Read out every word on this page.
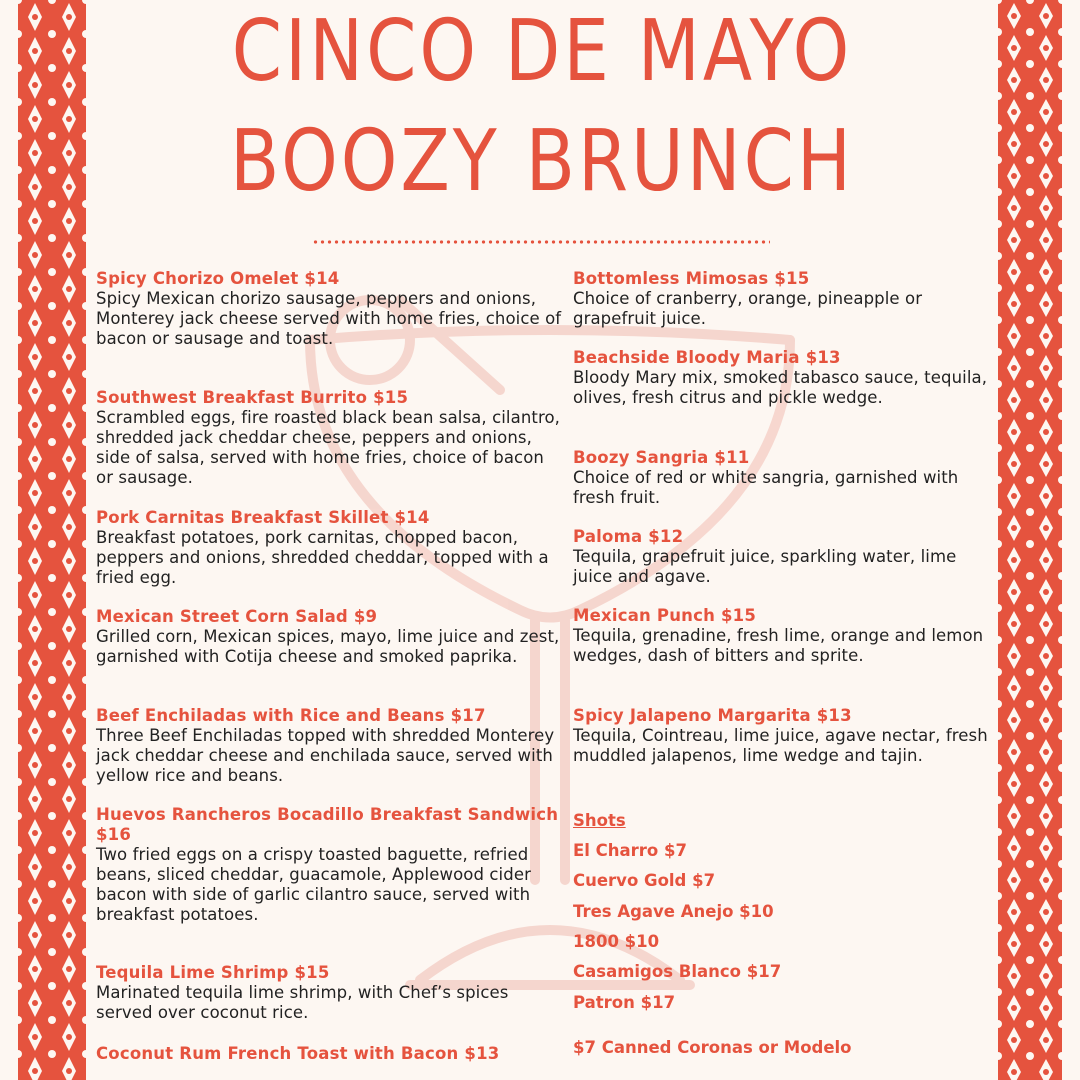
CINCO DE MAYO
BOOZY BRUNCH
Spicy Chorizo Omelet $14
Spicy Mexican chorizo sausage, peppers and onions, Monterey jack cheese served with home fries, choice of bacon or sausage and toast.
Southwest Breakfast Burrito $15
Scrambled eggs, fire roasted black bean salsa, cilantro, shredded jack cheddar cheese, peppers and onions, side of salsa, served with home fries, choice of bacon or sausage.
Pork Carnitas Breakfast Skillet $14
Breakfast potatoes, pork carnitas, chopped bacon, peppers and onions, shredded cheddar, topped with a fried egg.
Mexican Street Corn Salad $9
Grilled corn, Mexican spices, mayo, lime juice and zest, garnished with Cotija cheese and smoked paprika.
Beef Enchiladas with Rice and Beans $17
Three Beef Enchiladas topped with shredded Monterey jack cheddar cheese and enchilada sauce, served with yellow rice and beans.
Huevos Rancheros Bocadillo Breakfast Sandwich $16
Two fried eggs on a crispy toasted baguette, refried beans, sliced cheddar, guacamole, Applewood cider bacon with side of garlic cilantro sauce, served with breakfast potatoes.
Tequila Lime Shrimp $15
Marinated tequila lime shrimp, with Chef’s spices served over coconut rice.
Coconut Rum French Toast with Bacon $13
Bottomless Mimosas $15
Choice of cranberry, orange, pineapple or grapefruit juice.
Beachside Bloody Maria $13
Bloody Mary mix, smoked tabasco sauce, tequila, olives, fresh citrus and pickle wedge.
Boozy Sangria $11
Choice of red or white sangria, garnished with fresh fruit.
Paloma $12
Tequila, grapefruit juice, sparkling water, lime juice and agave.
Mexican Punch $15
Tequila, grenadine, fresh lime, orange and lemon wedges, dash of bitters and sprite.
Spicy Jalapeno Margarita $13
Tequila, Cointreau, lime juice, agave nectar, fresh muddled jalapenos, lime wedge and tajin.
Shots
El Charro $7
Cuervo Gold $7
Tres Agave Anejo $10
1800 $10
Casamigos Blanco $17
Patron $17
$7 Canned Coronas or Modelo
